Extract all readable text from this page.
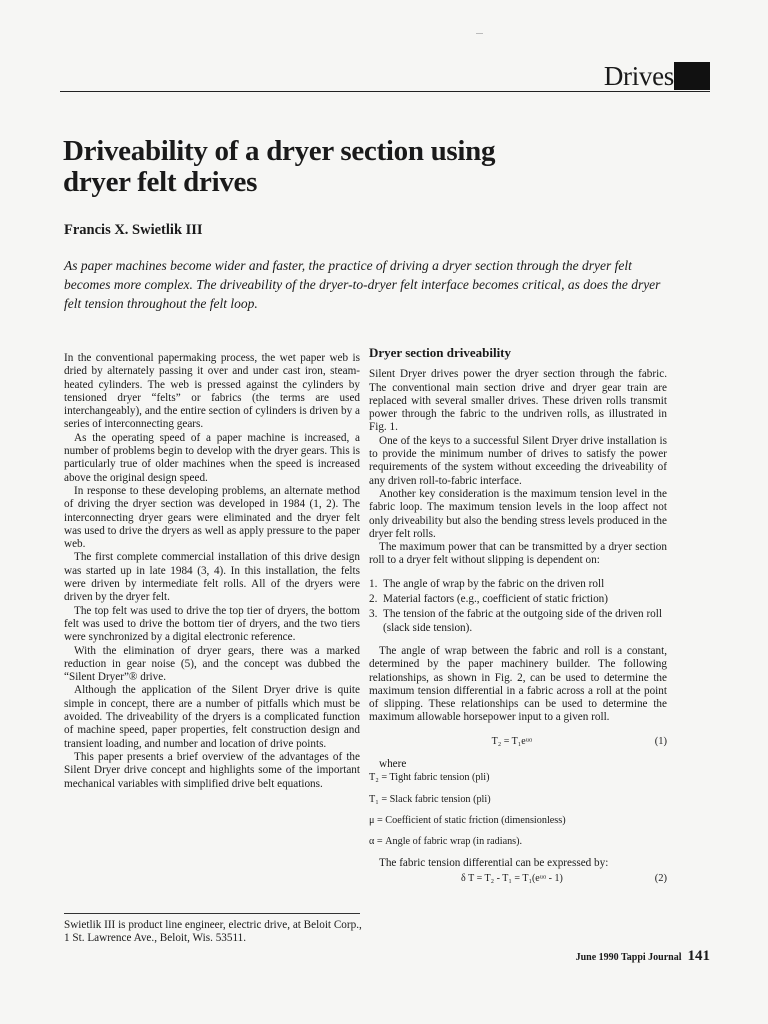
Drives
Driveability of a dryer section using dryer felt drives

Francis X. Swietlik III

As paper machines become wider and faster, the practice of driving a dryer section through the dryer felt becomes more complex. The driveability of the dryer-to-dryer felt interface becomes critical, as does the dryer felt tension throughout the felt loop.

In the conventional papermaking process, the wet paper web is dried by alternately passing it over and under cast iron, steam-heated cylinders. The web is pressed against the cylinders by tensioned dryer “felts” or fabrics (the terms are used interchangeably), and the entire section of cylinders is driven by a series of interconnecting gears.

As the operating speed of a paper machine is increased, a number of problems begin to develop with the dryer gears. This is particularly true of older machines when the speed is increased above the original design speed.

In response to these developing problems, an alternate method of driving the dryer section was developed in 1984 (1, 2). The interconnecting dryer gears were eliminated and the dryer felt was used to drive the dryers as well as apply pressure to the paper web.

The first complete commercial installation of this drive design was started up in late 1984 (3, 4). In this installation, the felts were driven by intermediate felt rolls. All of the dryers were driven by the dryer felt.

The top felt was used to drive the top tier of dryers, the bottom felt was used to drive the bottom tier of dryers, and the two tiers were synchronized by a digital electronic reference.

With the elimination of dryer gears, there was a marked reduction in gear noise (5), and the concept was dubbed the “Silent Dryer”® drive.

Although the application of the Silent Dryer drive is quite simple in concept, there are a number of pitfalls which must be avoided. The driveability of the dryers is a complicated function of machine speed, paper properties, felt construction design and transient loading, and number and location of drive points.

This paper presents a brief overview of the advantages of the Silent Dryer drive concept and highlights some of the important mechanical variables with simplified drive belt equations.

Swietlik III is product line engineer, electric drive, at Beloit Corp., 1 St. Lawrence Ave., Beloit, Wis. 53511.

Dryer section driveability

Silent Dryer drives power the dryer section through the fabric. The conventional main section drive and dryer gear train are replaced with several smaller drives. These driven rolls transmit power through the fabric to the undriven rolls, as illustrated in Fig. 1.

One of the keys to a successful Silent Dryer drive installation is to provide the minimum number of drives to satisfy the power requirements of the system without exceeding the driveability of any driven roll-to-fabric interface.

Another key consideration is the maximum tension level in the fabric loop. The maximum tension levels in the loop affect not only driveability but also the bending stress levels produced in the dryer felt rolls.

The maximum power that can be transmitted by a dryer section roll to a dryer felt without slipping is dependent on:

1. The angle of wrap by the fabric on the driven roll
2. Material factors (e.g., coefficient of static friction)
3. The tension of the fabric at the outgoing side of the driven roll (slack side tension).

The angle of wrap between the fabric and roll is a constant, determined by the paper machinery builder. The following relationships, as shown in Fig. 2, can be used to determine the maximum tension differential in a fabric across a roll at the point of slipping. These relationships can be used to determine the maximum allowable horsepower input to a given roll.

T₂ = T₁eᵘᵅ	(1)

where

T₂ = Tight fabric tension (pli)
T₁ = Slack fabric tension (pli)
μ = Coefficient of static friction (dimensionless)
α = Angle of fabric wrap (in radians).

The fabric tension differential can be expressed by:

δ T = T₂ - T₁ = T₁(eᵘᵅ - 1)	(2)
June 1990 Tappi Journal 141
